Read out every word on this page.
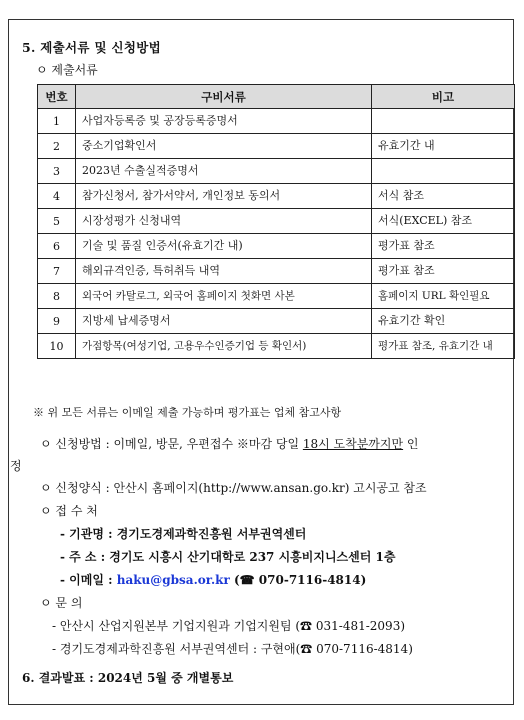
5. 제출서류 및 신청방법
ㅇ 제출서류
번호	구비서류	비고
1	사업자등록증 및 공장등록증명서	
2	중소기업확인서	유효기간 내
3	2023년 수출실적증명서	
4	참가신청서, 참가서약서, 개인정보 동의서	서식 참조
5	시장성평가 신청내역	서식(EXCEL) 참조
6	기술 및 품질 인증서(유효기간 내)	평가표 참조
7	해외규격인증, 특허취득 내역	평가표 참조
8	외국어 카탈로그, 외국어 홈페이지 첫화면 사본	홈페이지 URL 확인필요
9	지방세 납세증명서	유효기간 확인
10	가점항목(여성기업, 고용우수인증기업 등 확인서)	평가표 참조, 유효기간 내
※ 위 모든 서류는 이메일 제출 가능하며 평가표는 업체 참고사항
ㅇ 신청방법 : 이메일, 방문, 우편접수 ※마감 당일 18시 도착분까지만 인
정
ㅇ 신청양식 : 안산시 홈페이지(http://www.ansan.go.kr) 고시공고 참조
ㅇ 접 수 처
- 기관명 : 경기도경제과학진흥원 서부권역센터
- 주 소 : 경기도 시흥시 산기대학로 237 시흥비지니스센터 1층
- 이메일 : haku@gbsa.or.kr (☎ 070-7116-4814)
ㅇ 문 의
- 안산시 산업지원본부 기업지원과 기업지원팀 (☎ 031-481-2093)
- 경기도경제과학진흥원 서부권역센터 : 구현애(☎ 070-7116-4814)
6. 결과발표 : 2024년 5월 중 개별통보
